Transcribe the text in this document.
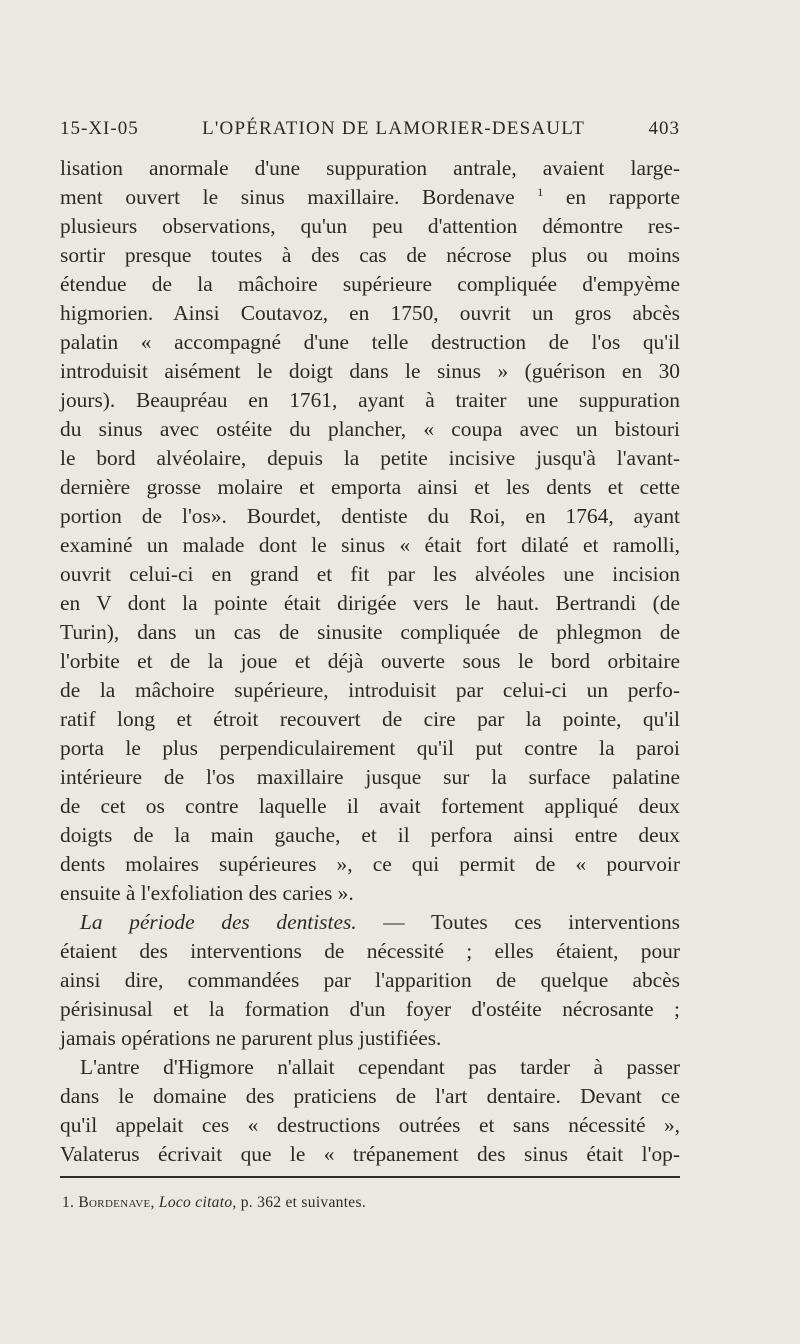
15-XI-05	L'OPÉRATION DE LAMORIER-DESAULT	403
lisation anormale d'une suppuration antrale, avaient large-
ment ouvert le sinus maxillaire. Bordenave $^1$ en rapporte
plusieurs observations, qu'un peu d'attention démontre res-
sortir presque toutes à des cas de nécrose plus ou moins
étendue de la mâchoire supérieure compliquée d'empyème
higmorien. Ainsi Coutavoz, en 1750, ouvrit un gros abcès
palatin « accompagné d'une telle destruction de l'os qu'il
introduisit aisément le doigt dans le sinus » (guérison en 30
jours). Beaupréau en 1761, ayant à traiter une suppuration
du sinus avec ostéite du plancher, « coupa avec un bistouri
le bord alvéolaire, depuis la petite incisive jusqu'à l'avant-
dernière grosse molaire et emporta ainsi et les dents et cette
portion de l'os». Bourdet, dentiste du Roi, en 1764, ayant
examiné un malade dont le sinus « était fort dilaté et ramolli,
ouvrit celui-ci en grand et fit par les alvéoles une incision
en V dont la pointe était dirigée vers le haut. Bertrandi (de
Turin), dans un cas de sinusite compliquée de phlegmon de
l'orbite et de la joue et déjà ouverte sous le bord orbitaire
de la mâchoire supérieure, introduisit par celui-ci un perfo-
ratif long et étroit recouvert de cire par la pointe, qu'il
porta le plus perpendiculairement qu'il put contre la paroi
intérieure de l'os maxillaire jusque sur la surface palatine
de cet os contre laquelle il avait fortement appliqué deux
doigts de la main gauche, et il perfora ainsi entre deux
dents molaires supérieures », ce qui permit de « pourvoir
ensuite à l'exfoliation des caries ».
La période des dentistes. — Toutes ces interventions
étaient des interventions de nécessité ; elles étaient, pour
ainsi dire, commandées par l'apparition de quelque abcès
périsinusal et la formation d'un foyer d'ostéite nécrosante ;
jamais opérations ne parurent plus justifiées.
L'antre d'Higmore n'allait cependant pas tarder à passer
dans le domaine des praticiens de l'art dentaire. Devant ce
qu'il appelait ces « destructions outrées et sans nécessité »,
Valaterus écrivait que le « trépanement des sinus était l'op-
1. Bordenave, Loco citato, p. 362 et suivantes.
